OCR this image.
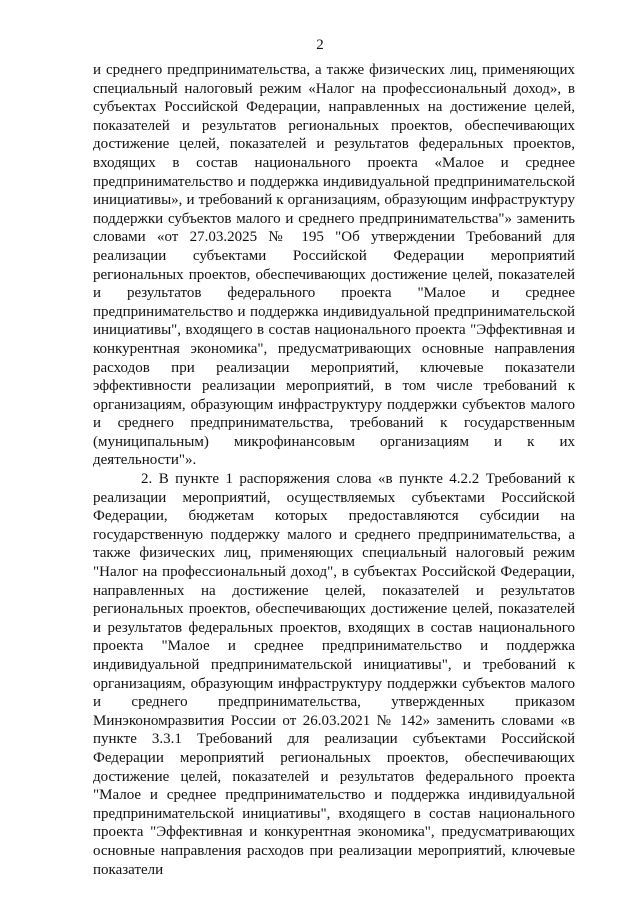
2

и среднего предпринимательства, а также физических лиц, применяющих специальный налоговый режим «Налог на профессиональный доход», в субъектах Российской Федерации, направленных на достижение целей, показателей и результатов региональных проектов, обеспечивающих достижение целей, показателей и результатов федеральных проектов, входящих в состав национального проекта «Малое и среднее предпринимательство и поддержка индивидуальной предпринимательской инициативы», и требований к организациям, образующим инфраструктуру поддержки субъектов малого и среднего предпринимательства"» заменить словами «от 27.03.2025 № 195 "Об утверждении Требований для реализации субъектами Российской Федерации мероприятий региональных проектов, обеспечивающих достижение целей, показателей и результатов федерального проекта "Малое и среднее предпринимательство и поддержка индивидуальной предпринимательской инициативы", входящего в состав национального проекта "Эффективная и конкурентная экономика", предусматривающих основные направления расходов при реализации мероприятий, ключевые показатели эффективности реализации мероприятий, в том числе требований к организациям, образующим инфраструктуру поддержки субъектов малого и среднего предпринимательства, требований к государственным (муниципальным) микрофинансовым организациям и к их деятельности"».

2. В пункте 1 распоряжения слова «в пункте 4.2.2 Требований к реализации мероприятий, осуществляемых субъектами Российской Федерации, бюджетам которых предоставляются субсидии на государственную поддержку малого и среднего предпринимательства, а также физических лиц, применяющих специальный налоговый режим "Налог на профессиональный доход", в субъектах Российской Федерации, направленных на достижение целей, показателей и результатов региональных проектов, обеспечивающих достижение целей, показателей и результатов федеральных проектов, входящих в состав национального проекта "Малое и среднее предпринимательство и поддержка индивидуальной предпринимательской инициативы", и требований к организациям, образующим инфраструктуру поддержки субъектов малого и среднего предпринимательства, утвержденных приказом Минэкономразвития России от 26.03.2021 № 142» заменить словами «в пункте 3.3.1 Требований для реализации субъектами Российской Федерации мероприятий региональных проектов, обеспечивающих достижение целей, показателей и результатов федерального проекта "Малое и среднее предпринимательство и поддержка индивидуальной предпринимательской инициативы", входящего в состав национального проекта "Эффективная и конкурентная экономика", предусматривающих основные направления расходов при реализации мероприятий, ключевые показатели
